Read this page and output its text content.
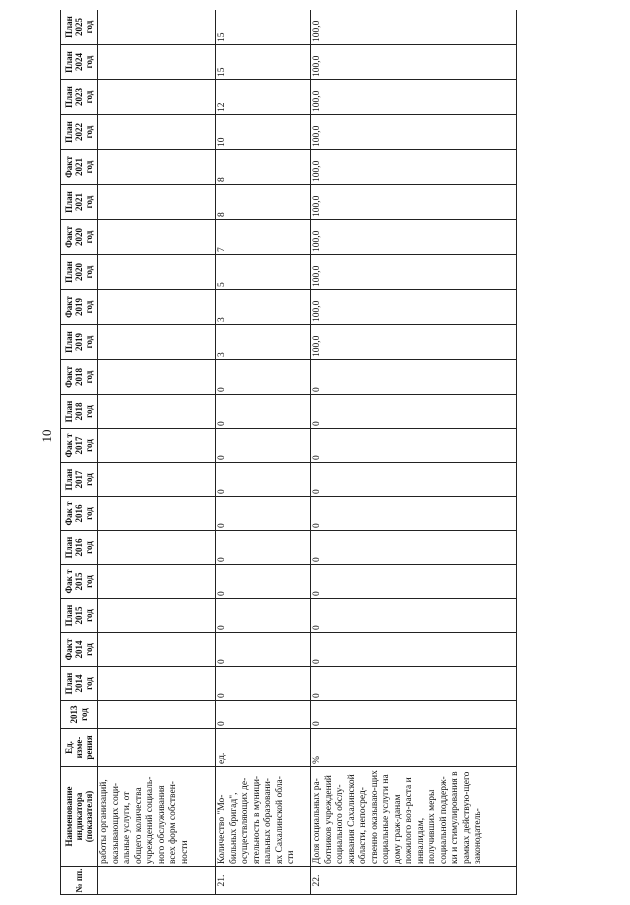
10
№ пп.	Наименование индикатора (показателя)	Ед. изме-рения	2013 год	План 2014 год	Факт 2014 год	План 2015 год	Фак т 2015 год	План 2016 год	Фак т 2016 год	План 2017 год	Фак т 2017 год	План 2018 год	Факт 2018 год	План 2019 год	Факт 2019 год	План 2020 год	Факт 2020 год	План 2021 год	Факт 2021 год	План 2022 год	План 2023 год	План 2024 год	План 2025 год
	работы организаций, оказывающих соци-альные услуги, от общего количества учреждений социаль-ного обслуживания всех форм собствен-ности																						
21.	Количество "Мо-бильных бригад", осуществляющих де-ятельность в муници-пальных образовани-ях Сахалинской обла-сти	ед.	0	0	0	0	0	0	0	0	0	0	0	3	3	5	7	8	8	10	12	15	15
22.	Доля социальных ра-ботников учреждений социального обслу-живания Сахалинской области, непосред-ственно оказываю-щих социальные услуги на дому граж-данам пожилого воз-раста и инвалидам, получивших меры социальной поддерж-ки и стимулирования в рамках действую-щего законодатель-	%	0	0	0	0	0	0	0	0	0	0	0	100,0	100,0	100,0	100,0	100,0	100,0	100,0	100,0	100,0	100,0
